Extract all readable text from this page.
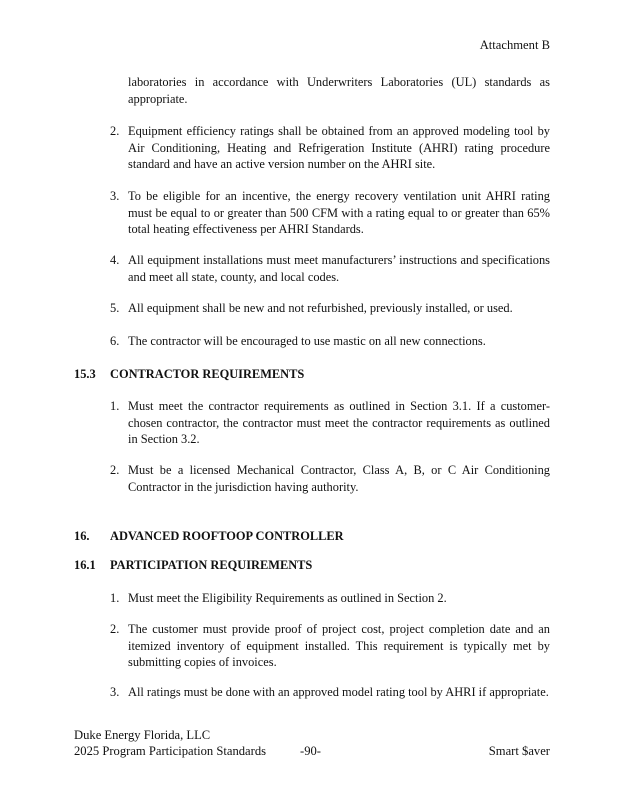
Attachment B
laboratories in accordance with Underwriters Laboratories (UL) standards as appropriate.
2. Equipment efficiency ratings shall be obtained from an approved modeling tool by Air Conditioning, Heating and Refrigeration Institute (AHRI) rating procedure standard and have an active version number on the AHRI site.
3. To be eligible for an incentive, the energy recovery ventilation unit AHRI rating must be equal to or greater than 500 CFM with a rating equal to or greater than 65% total heating effectiveness per AHRI Standards.
4. All equipment installations must meet manufacturers’ instructions and specifications and meet all state, county, and local codes.
5. All equipment shall be new and not refurbished, previously installed, or used.
6. The contractor will be encouraged to use mastic on all new connections.
15.3 CONTRACTOR REQUIREMENTS
1. Must meet the contractor requirements as outlined in Section 3.1. If a customer-chosen contractor, the contractor must meet the contractor requirements as outlined in Section 3.2.
2. Must be a licensed Mechanical Contractor, Class A, B, or C Air Conditioning Contractor in the jurisdiction having authority.
16. ADVANCED ROOFTOOP CONTROLLER
16.1 PARTICIPATION REQUIREMENTS
1. Must meet the Eligibility Requirements as outlined in Section 2.
2. The customer must provide proof of project cost, project completion date and an itemized inventory of equipment installed. This requirement is typically met by submitting copies of invoices.
3. All ratings must be done with an approved model rating tool by AHRI if appropriate.
Duke Energy Florida, LLC
2025 Program Participation Standards	-90-	Smart $aver
